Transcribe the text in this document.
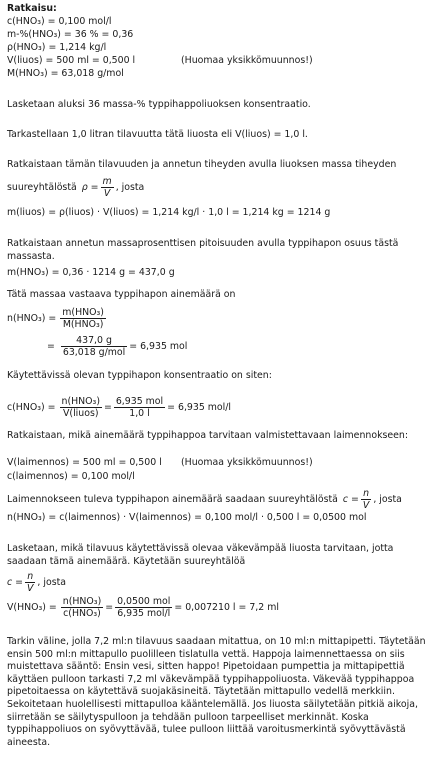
Ratkaisu:
c(HNO₃) = 0,100 mol/l
m-%(HNO₃) = 36 % = 0,36
ρ(HNO₃) = 1,214 kg/l
V(liuos) = 500 ml = 0,500 l	(Huomaa yksikkömuunnos!)
M(HNO₃) = 63,018 g/mol
Lasketaan aluksi 36 massa-% typpihappoliuoksen konsentraatio.
Tarkastellaan 1,0 litran tilavuutta tätä liuosta eli V(liuos) = 1,0 l.
Ratkaistaan tämän tilavuuden ja annetun tiheyden avulla liuoksen massa tiheyden
suureyhtälöstä $\rho = \frac{m}{V}$ , josta
m(liuos) = ρ(liuos) · V(liuos) = 1,214 kg/l · 1,0 l = 1,214 kg = 1214 g
Ratkaistaan annetun massaprosenttisen pitoisuuden avulla typpihapon osuus tästä
massasta.
m(HNO₃) = 0,36 · 1214 g = 437,0 g
Tätä massaa vastaava typpihapon ainemäärä on
$n(HNO_3) = \frac{\text{m(HNO₃)}}{\text{M(HNO₃)}}$
= $\frac{437,0 g}{\text{63,018 g/mol}} = 6,935$ mol
Käytettävissä olevan typpihapon konsentraatio on siten:
$c(HNO_3) = \frac{\text{n(HNO₃)}}{\text{V(liuos)}} = \frac{\text{6,935 mol}}{1,0 l} = 6,935$ mol/l
Ratkaistaan, mikä ainemäärä typpihappoa tarvitaan valmistettavaan laimennokseen:
V(laimennos) = 500 ml = 0,500 l (Huomaa yksikkömuunnos!)
c(laimennos) = 0,100 mol/l
Laimennokseen tuleva typpihapon ainemäärä saadaan suureyhtälöstä $c = \frac{n}{V}$ , josta
n(HNO₃) = c(laimennos) · V(laimennos) = 0,100 mol/l · 0,500 l = 0,0500 mol
Lasketaan, mikä tilavuus käytettävissä olevaa väkevämpää liuosta tarvitaan, jotta
saadaan tämä ainemäärä. Käytetään suureyhtälöä
$c = \frac{n}{V}$ , josta
$V(HNO_3) = \frac{\text{n(HNO₃)}}{\text{c(HNO₃)}} = \frac{\text{0,0500 mol}}{\text{6,935 mol/l}} = 0,007210$ l = 7,2 ml
Tarkin väline, jolla 7,2 ml:n tilavuus saadaan mitattua, on 10 ml:n mittapipetti. Täytetään ensin 500 ml:n mittapullo puolilleen tislatulla vettä. Happoja laimennettaessa on siis muistettava sääntö: Ensin vesi, sitten happo! Pipetoidaan pumpettia ja mittapipettiä käyttäen pulloon tarkasti 7,2 ml väkevämpää typpihappoliuosta. Väkevää typpihappoa pipetoitaessa on käytettävä suojakäsineitä. Täytetään mittapullo vedellä merkkiin. Sekoitetaan huolellisesti mittapulloa kääntelemällä. Jos liuosta säilytetään pitkiä aikoja, siirretään se säilytyspulloon ja tehdään pulloon tarpeelliset merkinnät. Koska typpihappoliuos on syövyttävää, tulee pulloon liittää varoitusmerkintä syövyttävästä aineesta.
